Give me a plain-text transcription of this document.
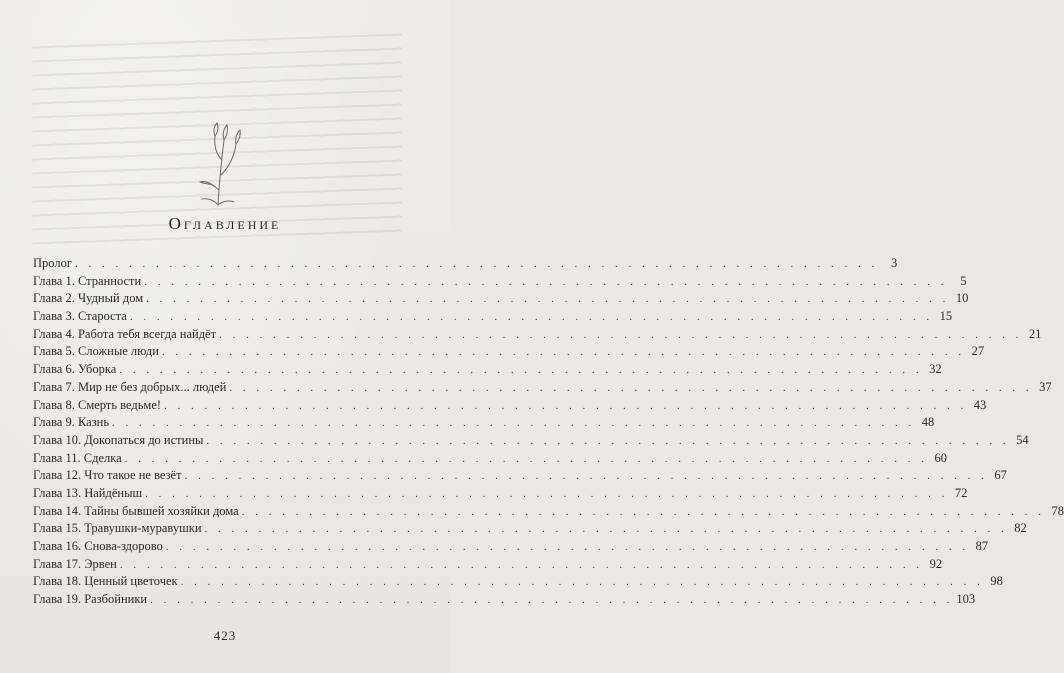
Оглавление
Пролог . . . . . . . . . . . . . . . . . . . . . . . . . . . . . . . . . . . . . . . . . . . . . . . . . . . . . . . . . . . .	3
Глава 1. Странности . . . . . . . . . . . . . . . . . . . . . . . . . . . . . . . . . . . . . . . . . . . . . . . . . . . . . . . . . . . .	5
Глава 2. Чудный дом . . . . . . . . . . . . . . . . . . . . . . . . . . . . . . . . . . . . . . . . . . . . . . . . . . . . . . . . . . . . 10
Глава 3. Староста . . . . . . . . . . . . . . . . . . . . . . . . . . . . . . . . . . . . . . . . . . . . . . . . . . . . . . . . . . . . 15
Глава 4. Работа тебя всегда найдёт . . . . . . . . . . . . . . . . . . . . . . . . . . . . . . . . . . . . . . . . . . . . . . . . . . . . . . . . . . . . 21
Глава 5. Сложные люди . . . . . . . . . . . . . . . . . . . . . . . . . . . . . . . . . . . . . . . . . . . . . . . . . . . . . . . . . . . . 27
Глава 6. Уборка . . . . . . . . . . . . . . . . . . . . . . . . . . . . . . . . . . . . . . . . . . . . . . . . . . . . . . . . . . . . 32
Глава 7. Мир не без добрых... людей . . . . . . . . . . . . . . . . . . . . . . . . . . . . . . . . . . . . . . . . . . . . . . . . . . . . . . . . . . . . 37
Глава 8. Смерть ведьме! . . . . . . . . . . . . . . . . . . . . . . . . . . . . . . . . . . . . . . . . . . . . . . . . . . . . . . . . . . . . 43
Глава 9. Казнь . . . . . . . . . . . . . . . . . . . . . . . . . . . . . . . . . . . . . . . . . . . . . . . . . . . . . . . . . . . . 48
Глава 10. Докопаться до истины . . . . . . . . . . . . . . . . . . . . . . . . . . . . . . . . . . . . . . . . . . . . . . . . . . . . . . . . . . . . 54
Глава 11. Сделка . . . . . . . . . . . . . . . . . . . . . . . . . . . . . . . . . . . . . . . . . . . . . . . . . . . . . . . . . . . . 60
Глава 12. Что такое не везёт . . . . . . . . . . . . . . . . . . . . . . . . . . . . . . . . . . . . . . . . . . . . . . . . . . . . . . . . . . . . 67
Глава 13. Найдёныш . . . . . . . . . . . . . . . . . . . . . . . . . . . . . . . . . . . . . . . . . . . . . . . . . . . . . . . . . . . . 72
Глава 14. Тайны бывшей хозяйки дома . . . . . . . . . . . . . . . . . . . . . . . . . . . . . . . . . . . . . . . . . . . . . . . . . . . . . . . . . . . . 78
Глава 15. Травушки-муравушки . . . . . . . . . . . . . . . . . . . . . . . . . . . . . . . . . . . . . . . . . . . . . . . . . . . . . . . . . . . . 82
Глава 16. Снова-здорово . . . . . . . . . . . . . . . . . . . . . . . . . . . . . . . . . . . . . . . . . . . . . . . . . . . . . . . . . . . . 87
Глава 17. Эрвен . . . . . . . . . . . . . . . . . . . . . . . . . . . . . . . . . . . . . . . . . . . . . . . . . . . . . . . . . . . . 92
Глава 18. Ценный цветочек . . . . . . . . . . . . . . . . . . . . . . . . . . . . . . . . . . . . . . . . . . . . . . . . . . . . . . . . . . . . 98
Глава 19. Разбойники . . . . . . . . . . . . . . . . . . . . . . . . . . . . . . . . . . . . . . . . . . . . . . . . . . . . . . . . . . . . 103
423
